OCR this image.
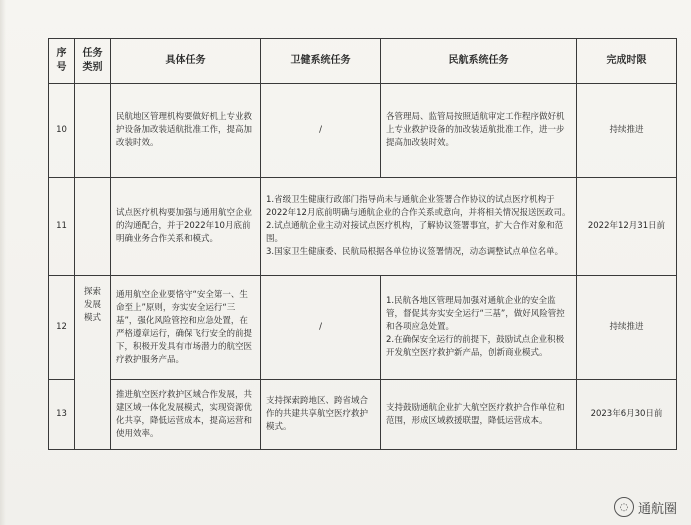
序
号	任务
类别	具体任务	卫健系统任务	民航系统任务	完成时限
10		民航地区管理机构要做好机上专业救护设备加改装适航批准工作，提高加改装时效。	/	各管理局、监管局按照适航审定工作程序做好机上专业救护设备的加改装适航批准工作，进一步提高加改装时效。	持续推进
11		试点医疗机构要加强与通用航空企业的沟通配合，并于2022年10月底前明确业务合作关系和模式。	1.省级卫生健康行政部门指导尚未与通航企业签署合作协议的试点医疗机构于2022年12月底前明确与通航企业的合作关系或意向，并将相关情况报送医政司。
2.试点通航企业主动对接试点医疗机构，了解协议签署事宜，扩大合作对象和范围。
3.国家卫生健康委、民航局根据各单位协议签署情况，动态调整试点单位名单。		2022年12月31日前
12	探索
发展
模式	通用航空企业要恪守“安全第一、生命至上”原则，夯实安全运行“三基”，强化风险管控和应急处置，在严格遵章运行，确保飞行安全的前提下，积极开发具有市场潜力的航空医疗救护服务产品。	/	1.民航各地区管理局加强对通航企业的安全监管，督促其夯实安全运行“三基”，做好风险管控和各项应急处置。
2.在确保安全运行的前提下，鼓励试点企业积极开发航空医疗救护新产品，创新商业模式。	持续推进
13		推进航空医疗救护区域合作发展，共建区域一体化发展模式，实现资源优化共享，降低运营成本，提高运营和使用效率。	支持探索跨地区、跨省域合作的共建共享航空医疗救护模式。	支持鼓励通航企业扩大航空医疗救护合作单位和范围，形成区域救援联盟，降低运营成本。	2023年6月30日前
◌ 通航圈
